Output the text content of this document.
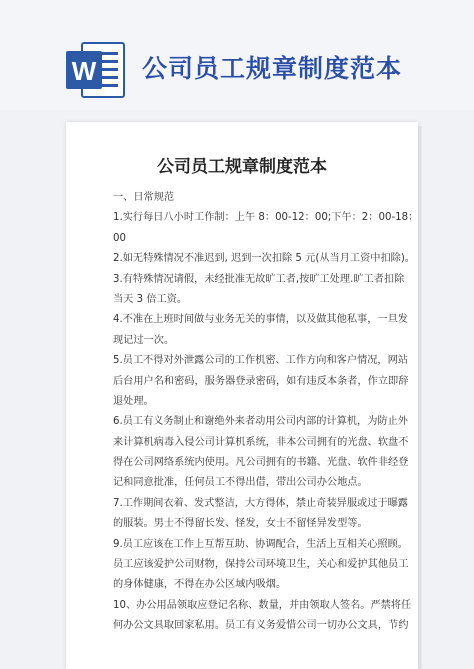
W 公司员工规章制度范本
公司员工规章制度范本
一、日常规范
1.实行每日八小时工作制：上午 8：00-12：00;下午：2：00-18：
00
2.如无特殊情况不准迟到, 迟到一次扣除 5 元(从当月工资中扣除)。
3.有特殊情况请假，未经批准无故旷工者,按旷工处理.旷工者扣除
当天 3 倍工资。
4.不准在上班时间做与业务无关的事情，以及做其他私事，一旦发
现记过一次。
5.员工不得对外泄露公司的工作机密、工作方向和客户情况，网站
后台用户名和密码，服务器登录密码，如有违反本条者，作立即辞
退处理。
6.员工有义务制止和谢绝外来者动用公司内部的计算机，为防止外
来计算机病毒入侵公司计算机系统，非本公司拥有的光盘、软盘不
得在公司网络系统内使用。凡公司拥有的书籍、光盘、软件非经登
记和同意批准，任何员工不得出借，带出公司办公地点。
7.工作期间衣着、发式整洁，大方得体，禁止奇装异服或过于曝露
的服装。男士不得留长发、怪发，女士不留怪异发型等。
9.员工应该在工作上互帮互助、协调配合，生活上互相关心照顾。
员工应该爱护公司财物，保持公司环境卫生，关心和爱护其他员工
的身体健康，不得在办公区域内吸烟。
10、办公用品领取应登记名称、数量，并由领取人签名。严禁将任
何办公文具取回家私用。员工有义务爱惜公司一切办公文具，节约
